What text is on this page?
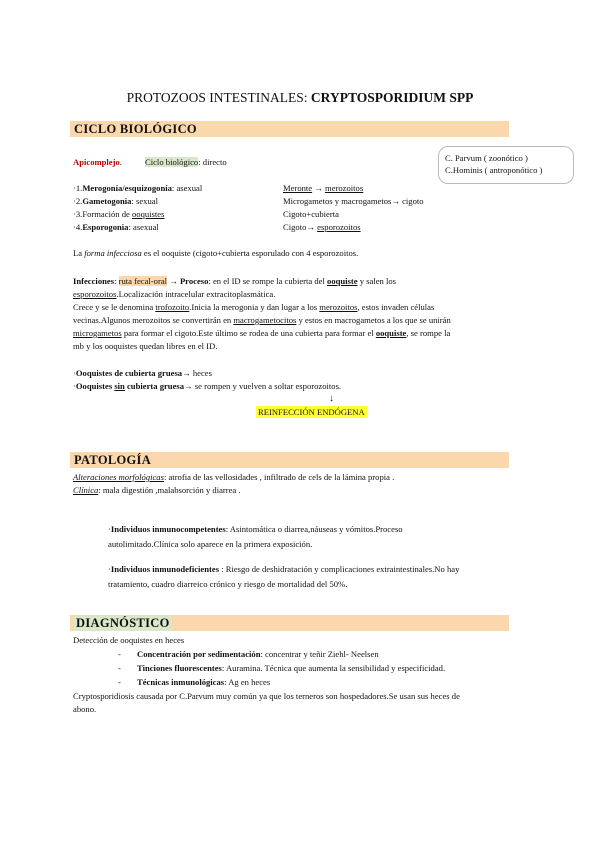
PROTOZOOS INTESTINALES: CRYPTOSPORIDIUM SPP
CICLO BIOLÓGICO
Apicomplejo.	Ciclo biológico: directo	C. Parvum ( zoonótico )
C.Hominis ( antroponótico )
·1.Merogonía/esquizogonía: asexual	Meronte → merozoitos
·2.Gametogonia: sexual	Microgametos y macrogametos→ cigoto
·3.Formación de ooquistes	Cigoto+cubierta
·4.Esporogonia: asexual	Cigoto→ esporozoitos
La forma infecciosa es el ooquiste (cigoto+cubierta esporulado con 4 esporozoitos.
Infecciones: ruta fecal-oral → Proceso: en el ID se rompe la cubierta del ooquiste y salen los
esporozoitos.Localización intracelular extracitoplasmática.
Crece y se le denomina trofozoito.Inicia la merogonia y dan lugar a los merozoitos, estos invaden células
vecinas.Algunos merozoitos se convertirán en macrogametocitos y estos en macrogametos a los que se unirán
microgametos para formar el cigoto.Este último se rodea de una cubierta para formar el ooquiste, se rompe la
mb y los ooquistes quedan libres en el ID.
·Ooquistes de cubierta gruesa→ heces
·Ooquistes sin cubierta gruesa→ se rompen y vuelven a soltar esporozoitos.
↓
REINFECCIÓN ENDÓGENA
PATOLOGÍA
Alteraciones morfológicas: atrofia de las vellosidades , infiltrado de cels de la lámina propia .
Clínica: mala digestión ,malabsorción y diarrea .
·Individuos inmunocompetentes: Asintomática o diarrea,náuseas y vómitos.Proceso
autolimitado.Clínica solo aparece en la primera exposición.
·Individuos inmunodeficientes : Riesgo de deshidratación y complicaciones extraintestinales.No hay
tratamiento, cuadro diarreico crónico y riesgo de mortalidad del 50%.
DIAGNÓSTICO
Detección de ooquistes en heces
- Concentración por sedimentación: concentrar y teñir Ziehl- Neelsen
- Tinciones fluorescentes: Auramina. Técnica que aumenta la sensibilidad y especificidad.
- Técnicas inmunológicas: Ag en heces
Cryptosporidiosis causada por C.Parvum muy común ya que los terneros son hospedadores.Se usan sus heces de
abono.
